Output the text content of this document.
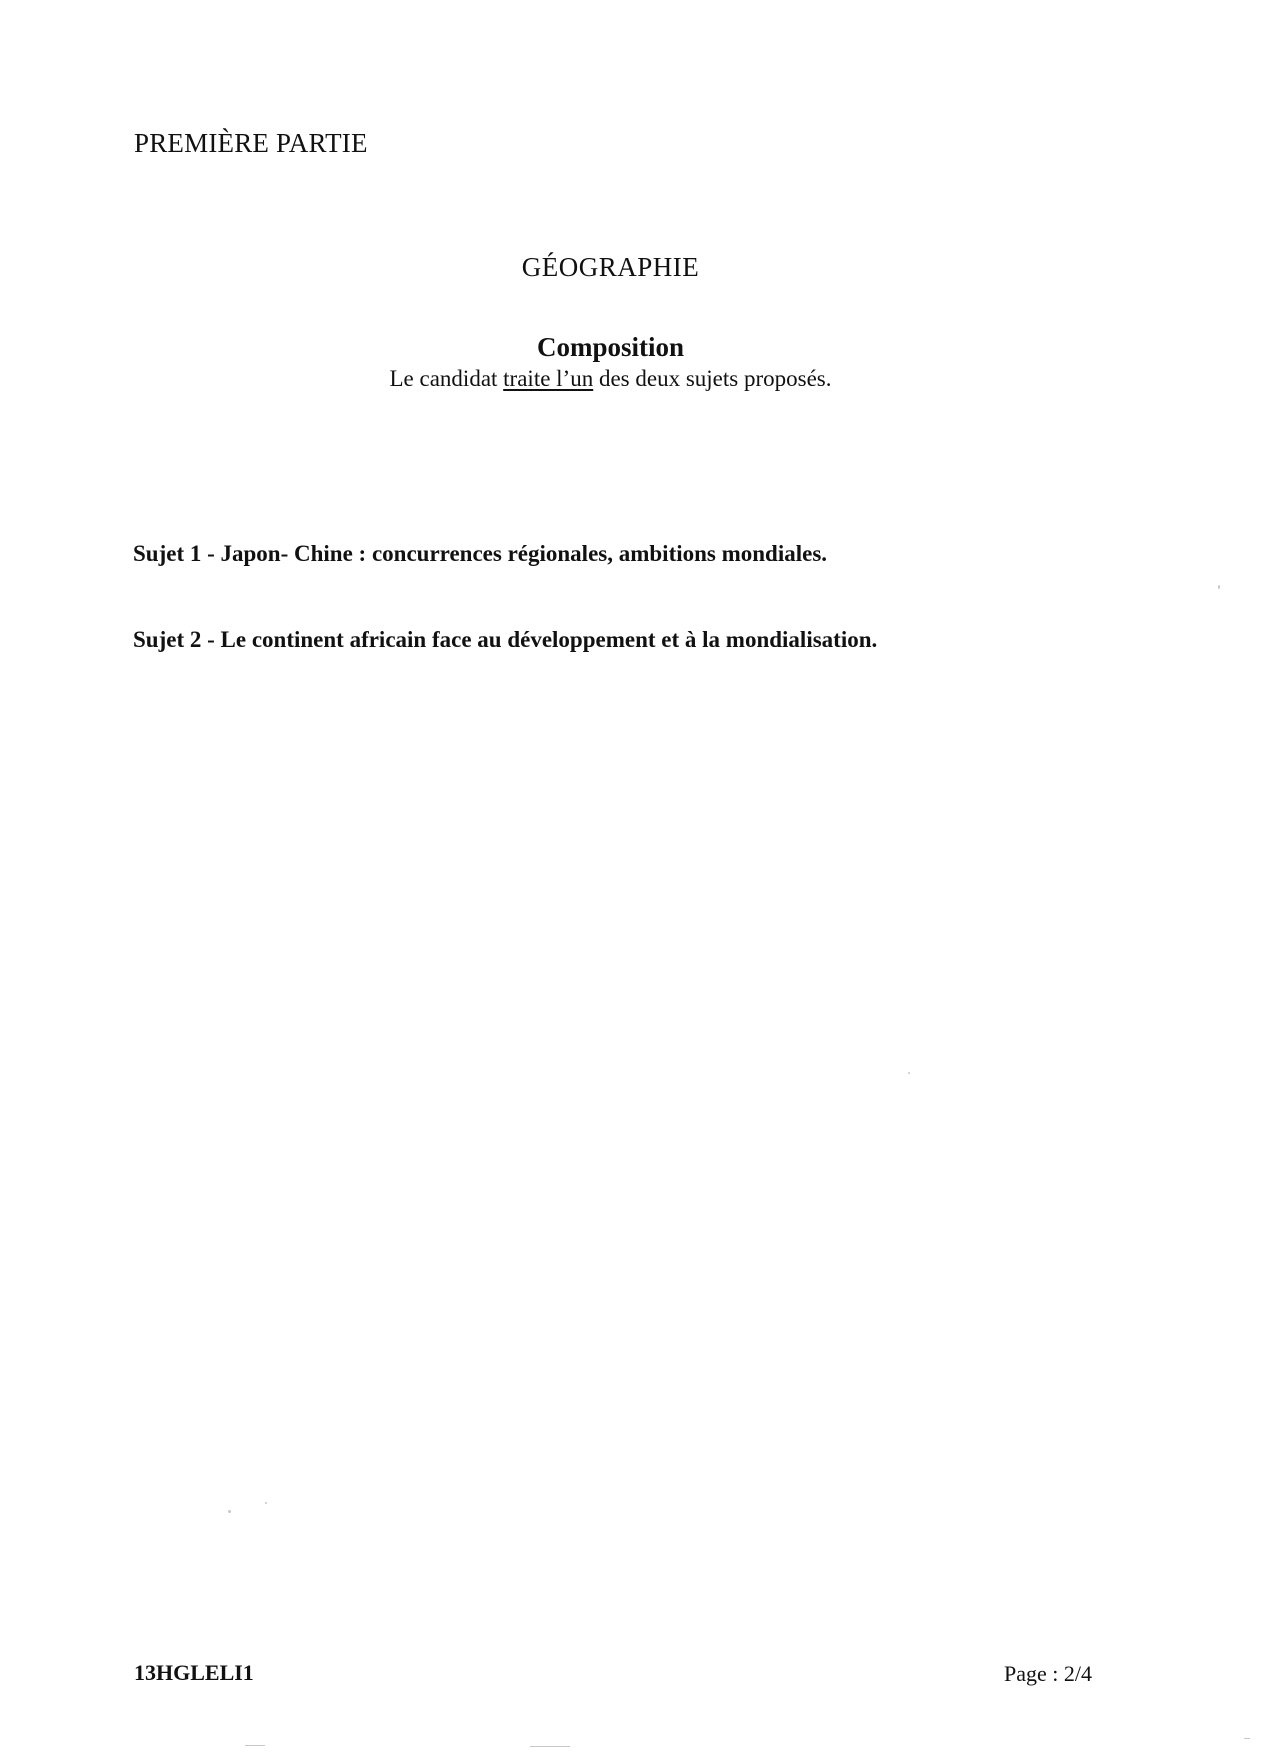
PREMIÈRE PARTIE
GÉOGRAPHIE
Composition
Le candidat traite l’un des deux sujets proposés.
Sujet 1 - Japon- Chine : concurrences régionales, ambitions mondiales.
Sujet 2 - Le continent africain face au développement et à la mondialisation.
13HGLELI1	Page : 2/4
